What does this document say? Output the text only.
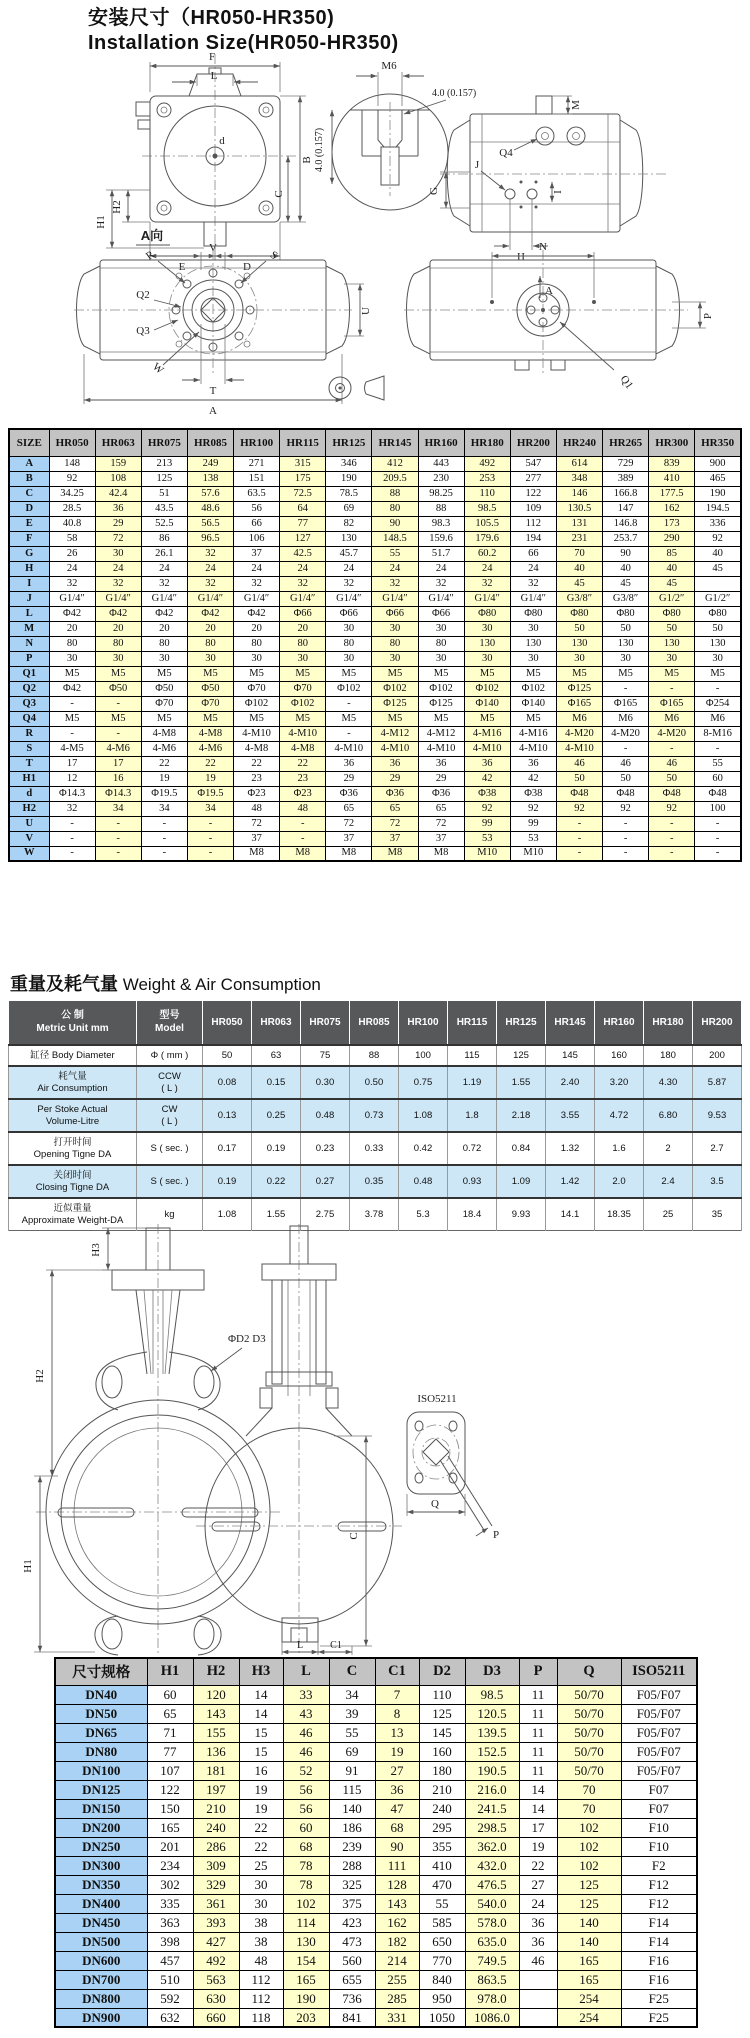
安装尺寸（HR050-HR350)
Installation Size(HR050-HR350)
F
L
B
C
d
H2
H1
E	D
M6
4.0 (0.157)
4.0 (0.157)
M
Q4
J
I
G
H
A
A向
V
R	S
Q2
Q3
U
W
T
A
N
P
Q1
SIZE	HR050	HR063	HR075	HR085	HR100	HR115	HR125	HR145	HR160	HR180	HR200	HR240	HR265	HR300	HR350
A	148	159	213	249	271	315	346	412	443	492	547	614	729	839	900
B	92	108	125	138	151	175	190	209.5	230	253	277	348	389	410	465
C	34.25	42.4	51	57.6	63.5	72.5	78.5	88	98.25	110	122	146	166.8	177.5	190
D	28.5	36	43.5	48.6	56	64	69	80	88	98.5	109	130.5	147	162	194.5
E	40.8	29	52.5	56.5	66	77	82	90	98.3	105.5	112	131	146.8	173	336
F	58	72	86	96.5	106	127	130	148.5	159.6	179.6	194	231	253.7	290	92
G	26	30	26.1	32	37	42.5	45.7	55	51.7	60.2	66	70	90	85	40
H	24	24	24	24	24	24	24	24	24	24	24	40	40	40	45
I	32	32	32	32	32	32	32	32	32	32	32	45	45	45	
J	G1/4″	G1/4″	G1/4″	G1/4″	G1/4″	G1/4″	G1/4″	G1/4″	G1/4″	G1/4″	G1/4″	G3/8″	G3/8″	G1/2″	G1/2″
L	Φ42	Φ42	Φ42	Φ42	Φ42	Φ66	Φ66	Φ66	Φ66	Φ80	Φ80	Φ80	Φ80	Φ80	Φ80
M	20	20	20	20	20	20	30	30	30	30	30	50	50	50	50
N	80	80	80	80	80	80	80	80	80	130	130	130	130	130	130
P	30	30	30	30	30	30	30	30	30	30	30	30	30	30	30
Q1	M5	M5	M5	M5	M5	M5	M5	M5	M5	M5	M5	M5	M5	M5	M5
Q2	Φ42	Φ50	Φ50	Φ50	Φ70	Φ70	Φ102	Φ102	Φ102	Φ102	Φ102	Φ125	-	-	-
Q3	-	-	Φ70	Φ70	Φ102	Φ102	-	Φ125	Φ125	Φ140	Φ140	Φ165	Φ165	Φ165	Φ254
Q4	M5	M5	M5	M5	M5	M5	M5	M5	M5	M5	M5	M6	M6	M6	M6
R	-	-	4-M8	4-M8	4-M10	4-M10	-	4-M12	4-M12	4-M16	4-M16	4-M20	4-M20	4-M20	8-M16
S	4-M5	4-M6	4-M6	4-M6	4-M8	4-M8	4-M10	4-M10	4-M10	4-M10	4-M10	4-M10	-	-	-
T	17	17	22	22	22	22	36	36	36	36	36	46	46	46	55
H1	12	16	19	19	23	23	29	29	29	42	42	50	50	50	60
d	Φ14.3	Φ14.3	Φ19.5	Φ19.5	Φ23	Φ23	Φ36	Φ36	Φ36	Φ38	Φ38	Φ48	Φ48	Φ48	Φ48
H2	32	34	34	34	48	48	65	65	65	92	92	92	92	92	100
U	-	-	-	-	72	-	72	72	72	99	99	-	-	-	-
V	-	-	-	-	37	-	37	37	37	53	53	-	-	-	-
W	-	-	-	-	M8	M8	M8	M8	M8	M10	M10	-	-	-	-
重量及耗气量 Weight & Air Consumption
公 制
Metric Unit mm

型号
Model
	HR050	HR063	HR075	HR085	HR100	HR115	HR125	HR145	HR160	HR180	HR200

缸径 Body Diameter	Φ ( mm )	50	63	75	88	100	115	125	145	160	180	200

耗气量
Air Consumption

CCW
( L )
	0.08	0.15	0.30	0.50	0.75	1.19	1.55	2.40	3.20	4.30	5.87

Per Stoke Actual
Volume-Litre

CW
( L )
	0.13	0.25	0.48	0.73	1.08	1.8	2.18	3.55	4.72	6.80	9.53

打开时间
Opening Tigne DA	S ( sec. )	0.17	0.19	0.23	0.33	0.42	0.72	0.84	1.32	1.6	2	2.7

关闭时间
Closing Tigne DA	S ( sec. )	0.19	0.22	0.27	0.35	0.48	0.93	1.09	1.42	2.0	2.4	3.5

近似重量
Approximate Weight-DA	kg	1.08	1.55	2.75	3.78	5.3	18.4	9.93	14.1	18.35	25	35
H3
H2
H1
ΦD2 D3
C
L	C1
ISO5211
P
Q
尺寸规格	H1	H2	H3	L	C	C1	D2	D3	P	Q	ISO5211
DN40	60	120	14	33	34	7	110	98.5	11	50/70	F05/F07
DN50	65	143	14	43	39	8	125	120.5	11	50/70	F05/F07
DN65	71	155	15	46	55	13	145	139.5	11	50/70	F05/F07
DN80	77	136	15	46	69	19	160	152.5	11	50/70	F05/F07
DN100	107	181	16	52	91	27	180	190.5	11	50/70	F05/F07
DN125	122	197	19	56	115	36	210	216.0	14	70	F07
DN150	150	210	19	56	140	47	240	241.5	14	70	F07
DN200	165	240	22	60	186	68	295	298.5	17	102	F10
DN250	201	286	22	68	239	90	355	362.0	19	102	F10
DN300	234	309	25	78	288	111	410	432.0	22	102	F2
DN350	302	329	30	78	325	128	470	476.5	27	125	F12
DN400	335	361	30	102	375	143	55	540.0	24	125	F12
DN450	363	393	38	114	423	162	585	578.0	36	140	F14
DN500	398	427	38	130	473	182	650	635.0	36	140	F14
DN600	457	492	48	154	560	214	770	749.5	46	165	F16
DN700	510	563	112	165	655	255	840	863.5		165	F16
DN800	592	630	112	190	736	285	950	978.0		254	F25
DN900	632	660	118	203	841	331	1050	1086.0		254	F25
